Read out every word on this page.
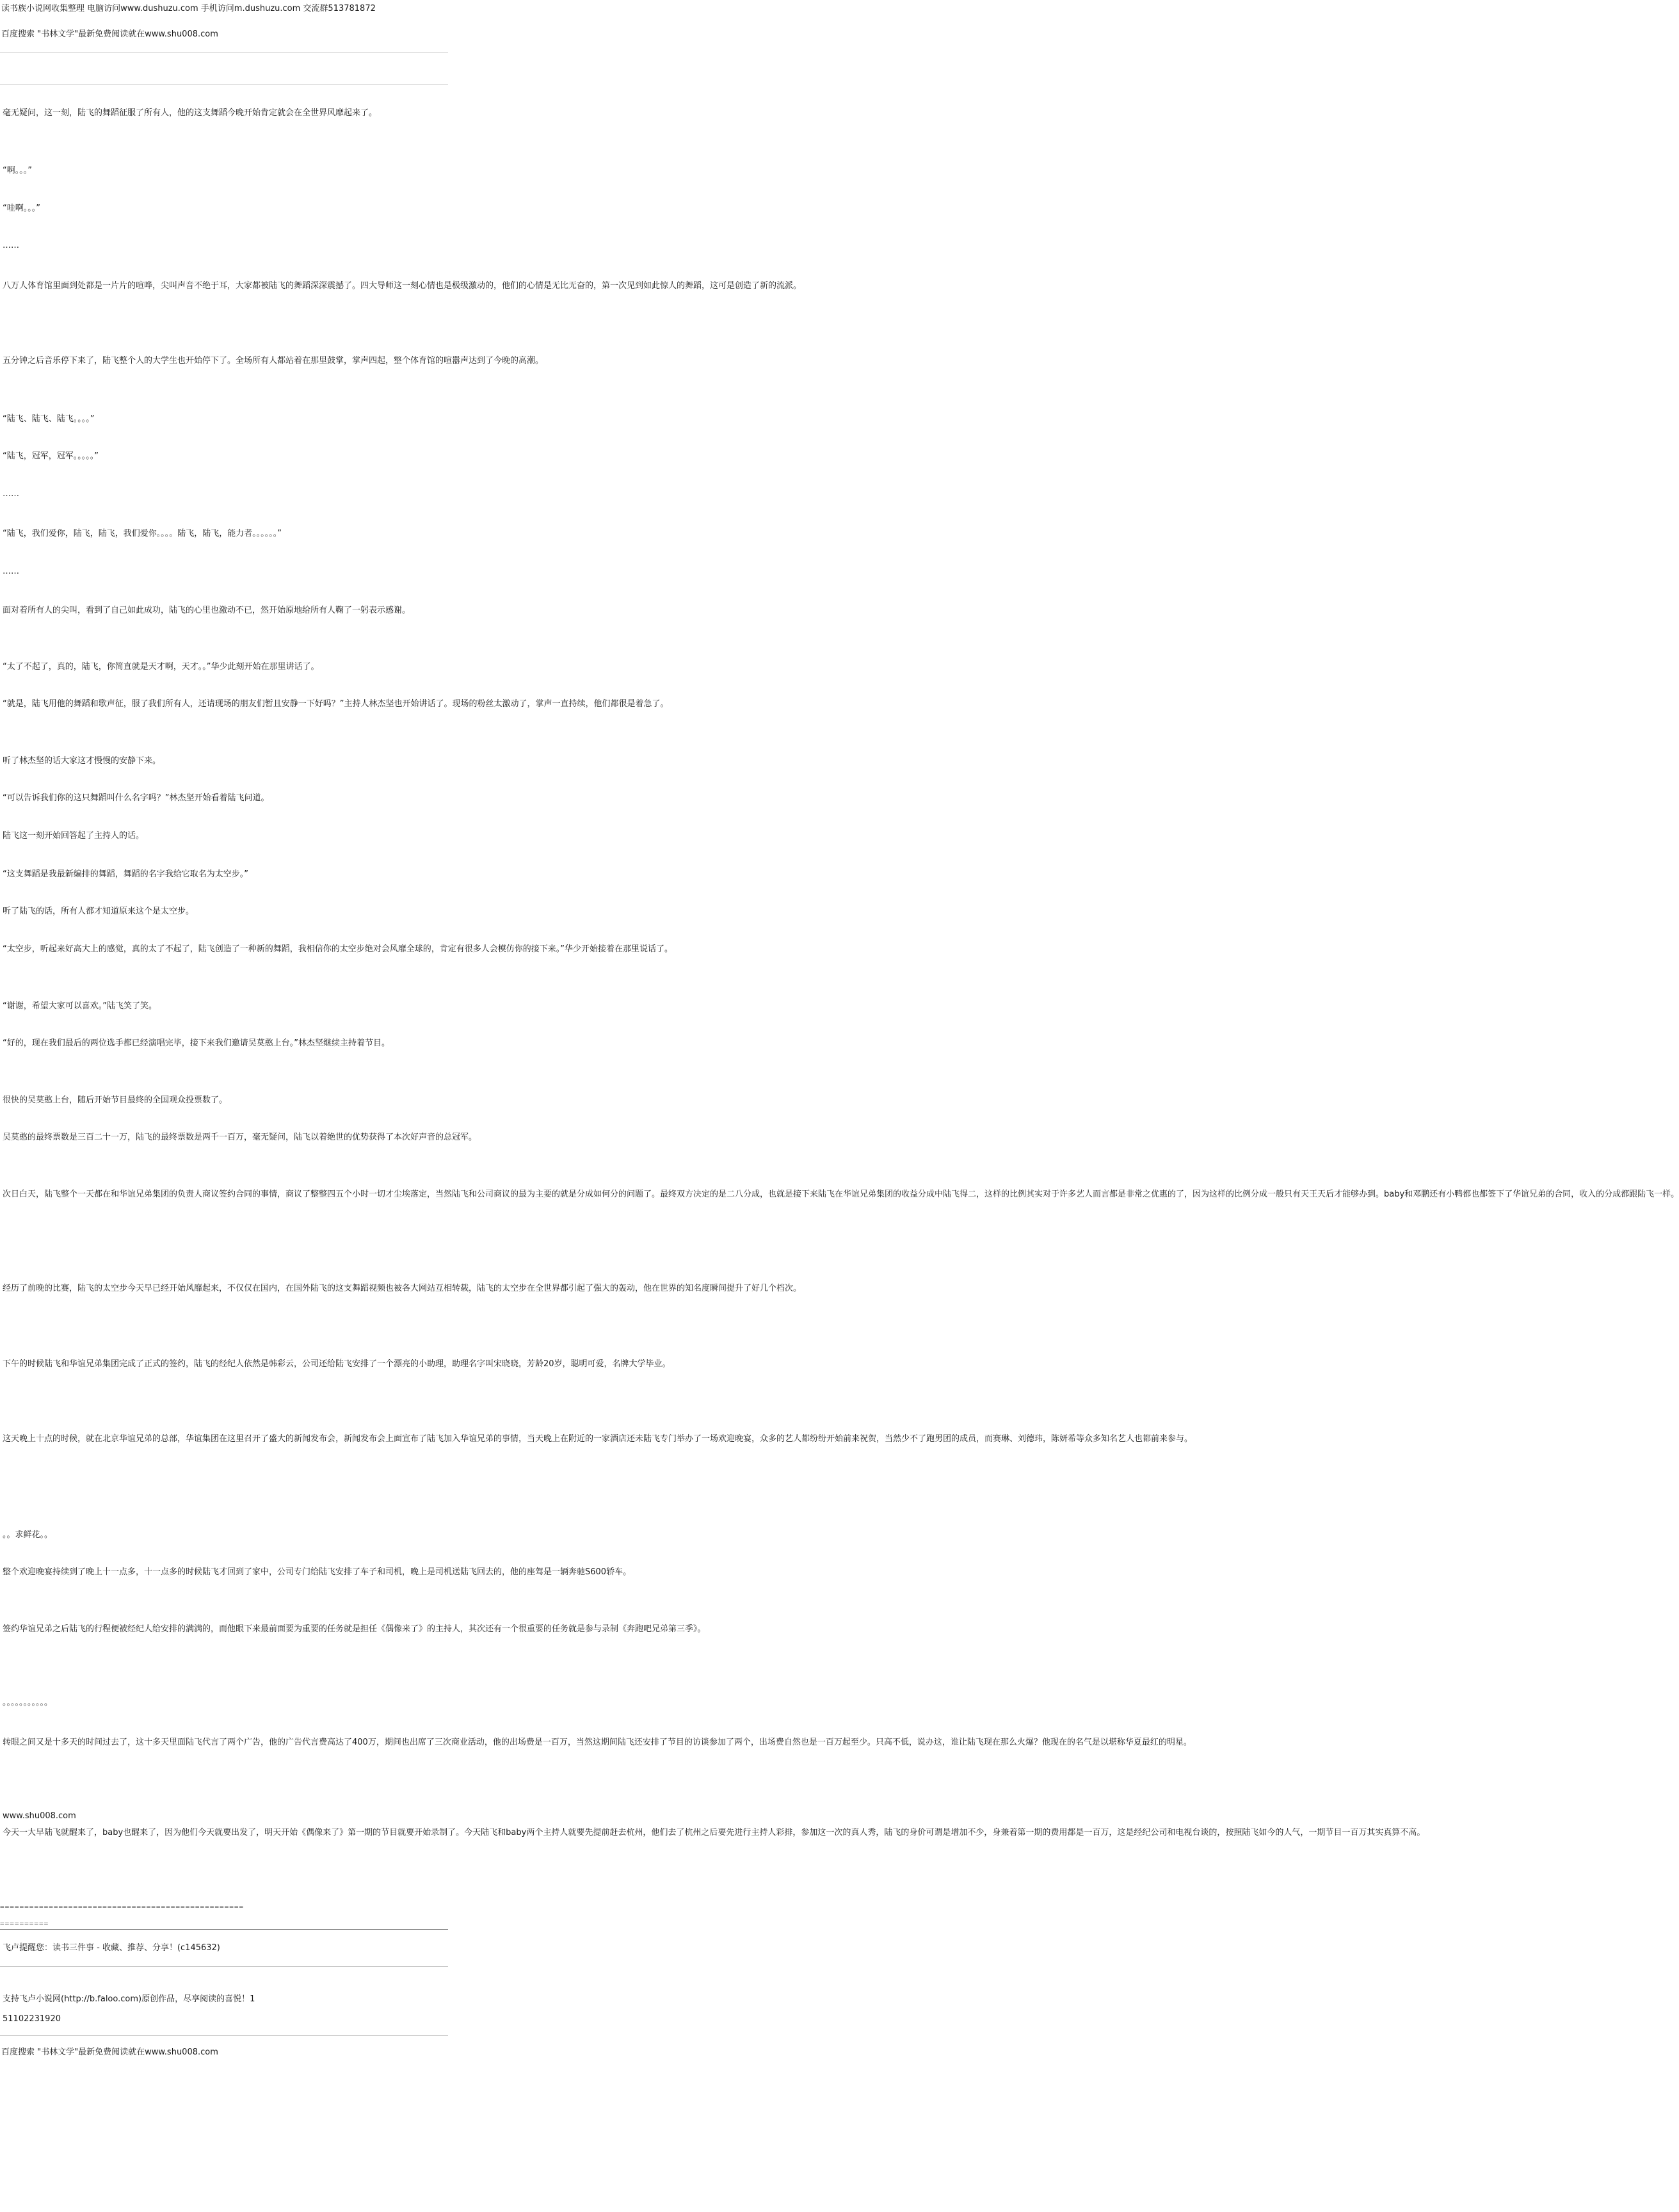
读书族小说网收集整理 电脑访问www.dushuzu.com 手机访问m.dushuzu.com 交流群513781872
百度搜索 "书林文学"最新免费阅读就在www.shu008.com
毫无疑问，这一刻，陆飞的舞蹈征服了所有人，他的这支舞蹈今晚开始肯定就会在全世界风靡起来了。
“啊。。。”
“哇啊。。。”
……
八万人体育馆里面到处都是一片片的喧哗，尖叫声音不绝于耳，大家都被陆飞的舞蹈深深震撼了。四大导师这一刻心情也是极级激动的，他们的心情是无比无奋的，第一次见到如此惊人的舞蹈，这可是创造了新的流派。
五分钟之后音乐停下来了，陆飞整个人的大学生也开始停下了。全场所有人都站着在那里鼓掌，掌声四起，整个体育馆的喧嚣声达到了今晚的高潮。
“陆飞、陆飞、陆飞。。。。”
“陆飞，冠军，冠军。。。。。”
……
“陆飞，我们爱你，陆飞，陆飞，我们爱你。。。。陆飞，陆飞，能力者。。。。。。”
……
面对着所有人的尖叫，看到了自己如此成功，陆飞的心里也激动不已，然开始原地给所有人鞠了一躬表示感谢。
“太了不起了，真的，陆飞，你简直就是天才啊，天才。。”华少此刻开始在那里讲话了。
“就是，陆飞用他的舞蹈和歌声征，服了我们所有人，还请现场的朋友们暂且安静一下好吗？”主持人林杰坚也开始讲话了。现场的粉丝太激动了，掌声一直持续，他们都很是着急了。
听了林杰坚的话大家这才慢慢的安静下来。
“可以告诉我们你的这只舞蹈叫什么名字吗？”林杰坚开始看着陆飞问道。
陆飞这一刻开始回答起了主持人的话。
“这支舞蹈是我最新编排的舞蹈，舞蹈的名字我给它取名为太空步。”
听了陆飞的话，所有人都才知道原来这个是太空步。
“太空步，听起来好高大上的感觉，真的太了不起了，陆飞创造了一种新的舞蹈，我相信你的太空步绝对会风靡全球的，肯定有很多人会模仿你的接下来。”华少开始接着在那里说话了。
“谢谢，希望大家可以喜欢。”陆飞笑了笑。
“好的，现在我们最后的两位选手都已经演唱完毕，接下来我们邀请吴莫憨上台。”林杰坚继续主持着节目。
很快的吴莫憨上台，随后开始节目最终的全国观众投票数了。
吴莫憨的最终票数是三百二十一万，陆飞的最终票数是两千一百万，毫无疑问，陆飞以着绝世的优势获得了本次好声音的总冠军。
次日白天，陆飞整个一天都在和华谊兄弟集团的负责人商议签约合同的事情，商议了整整四五个小时一切才尘埃落定，当然陆飞和公司商议的最为主要的就是分成如何分的问题了。最终双方决定的是二八分成，也就是接下来陆飞在华谊兄弟集团的收益分成中陆飞得二，这样的比例其实对于许多艺人而言都是非常之优惠的了，因为这样的比例分成一般只有天王天后才能够办到。baby和邓鹏还有小鸭都也都签下了华谊兄弟的合同，收入的分成都跟陆飞一样。
经历了前晚的比赛，陆飞的太空步今天早已经开始风靡起来，不仅仅在国内，在国外陆飞的这支舞蹈视频也被各大网站互相转载，陆飞的太空步在全世界都引起了强大的轰动，他在世界的知名度瞬间提升了好几个档次。
下午的时候陆飞和华谊兄弟集团完成了正式的签约，陆飞的经纪人依然是韩彩云，公司还给陆飞安排了一个漂亮的小助理，助理名字叫宋晓晓，芳龄20岁，聪明可爱，名牌大学毕业。
这天晚上十点的时候，就在北京华谊兄弟的总部，华谊集团在这里召开了盛大的新闻发布会，新闻发布会上面宣布了陆飞加入华谊兄弟的事情，当天晚上在附近的一家酒店还未陆飞专门举办了一场欢迎晚宴，众多的艺人都纷纷开始前来祝贺，当然少不了跑男团的成员，而赛琳、刘德玮，陈妍希等众多知名艺人也都前来参与。
。。求鲜花。。
整个欢迎晚宴持续到了晚上十一点多，十一点多的时候陆飞才回到了家中，公司专门给陆飞安排了车子和司机，晚上是司机送陆飞回去的，他的座驾是一辆奔驰S600轿车。
签约华谊兄弟之后陆飞的行程便被经纪人给安排的满满的，而他眼下来最前面要为重要的任务就是担任《偶像来了》的主持人，其次还有一个很重要的任务就是参与录制《奔跑吧兄弟第三季》。
。。。。。。。。。。。
转眼之间又是十多天的时间过去了，这十多天里面陆飞代言了两个广告，他的广告代言费高达了400万，期间也出席了三次商业活动，他的出场费是一百万，当然这期间陆飞还安排了节目的访谈参加了两个，出场费自然也是一百万起至少。只高不低，说办这，谁让陆飞现在那么火爆？他现在的名气是以堪称华夏最红的明星。
www.shu008.com
今天一大早陆飞就醒来了，baby也醒来了，因为他们今天就要出发了，明天开始《偶像来了》第一期的节目就要开始录制了。今天陆飞和baby两个主持人就要先提前赶去杭州，他们去了杭州之后要先进行主持人彩排，参加这一次的真人秀，陆飞的身价可谓是增加不少，身兼着第一期的费用都是一百万，这是经纪公司和电视台谈的，按照陆飞如今的人气，一期节目一百万其实真算不高。
==================================================
==========
飞卢提醒您：读书三件事 - 收藏、推荐、分享！(c145632)
支持飞卢小说网(http://b.faloo.com)原创作品，尽享阅读的喜悦！1
51102231920
百度搜索 "书林文学"最新免费阅读就在www.shu008.com
